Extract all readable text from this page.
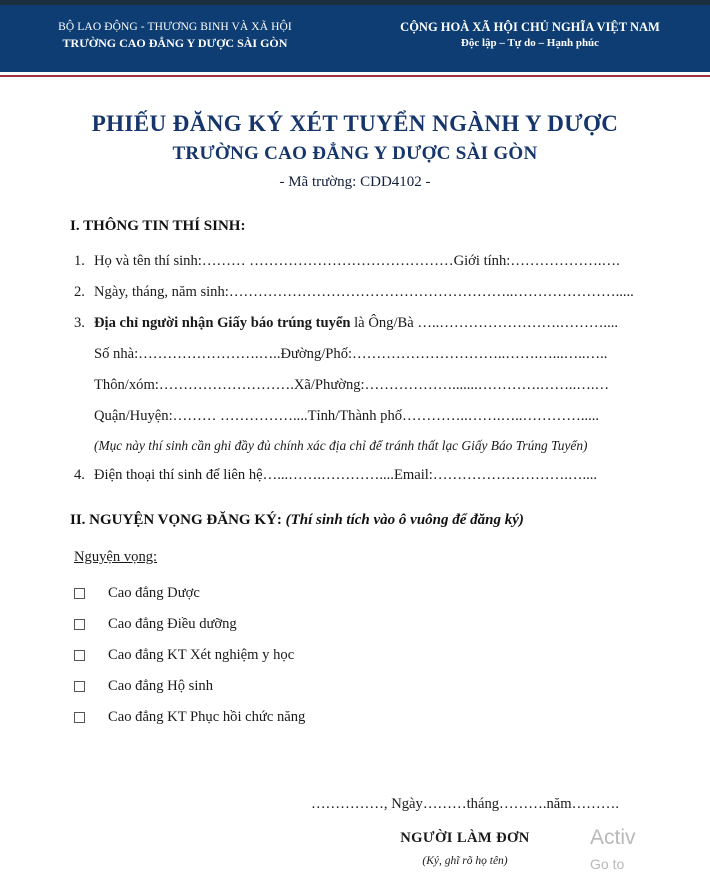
BỘ LAO ĐỘNG - THƯƠNG BINH VÀ XÃ HỘI
TRƯỜNG CAO ĐẲNG Y DƯỢC SÀI GÒN
CỘNG HOÀ XÃ HỘI CHỦ NGHĨA VIỆT NAM
Độc lập – Tự do – Hạnh phúc
PHIẾU ĐĂNG KÝ XÉT TUYỂN NGÀNH Y DƯỢC
TRƯỜNG CAO ĐẲNG Y DƯỢC SÀI GÒN
- Mã trường: CDD4102 -
I. THÔNG TIN THÍ SINH:
1. Họ và tên thí sinh:……… ……………………………………Giới tính:……………….….
2. Ngày, tháng, năm sinh:…………………………………………………..………………….....
3. Địa chỉ người nhận Giấy báo trúng tuyển là Ông/Bà …..…………………….………....
Số nhà:…………………….…..Đường/Phố:…………………………..…….…...…..…..
Thôn/xóm:……………………….Xã/Phường:……………….......………….……..….…
Quận/Huyện:……… ……………....Tỉnh/Thành phố…………..…….…..………….....
(Mục này thí sinh cần ghi đầy đủ chính xác địa chỉ để tránh thất lạc Giấy Báo Trúng Tuyển)
4. Điện thoại thí sinh để liên hệ…...…….…………....Email:……………………….…....
II. NGUYỆN VỌNG ĐĂNG KÝ: (Thí sinh tích vào ô vuông để đăng ký)
Nguyện vọng:
Cao đẳng Dược
Cao đẳng Điều dưỡng
Cao đẳng KT Xét nghiệm y học
Cao đẳng Hộ sinh
Cao đẳng KT Phục hồi chức năng
……………, Ngày………tháng……….năm……….
NGƯỜI LÀM ĐƠN
(Ký, ghĩ rõ họ tên)
Activ
Go to
